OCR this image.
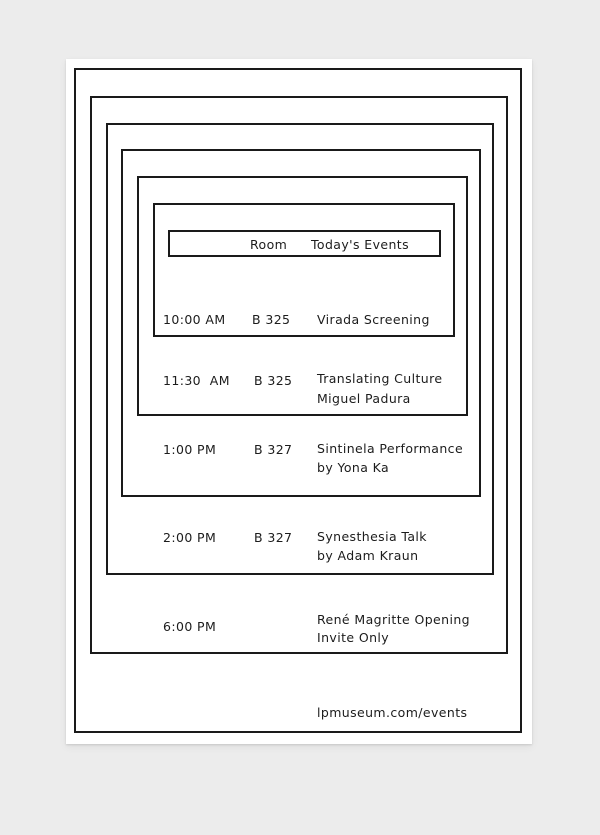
Room Today's Events
10:00 AM B 325 Virada Screening
11:30  AM B 325 Translating Culture
Miguel Padura
1:00 PM	B 327 Sintinela Performance
by Yona Ka
2:00 PM	B 327 Synesthesia Talk
by Adam Kraun
6:00 PM	René Magritte Opening
Invite Only
lpmuseum.com/events
